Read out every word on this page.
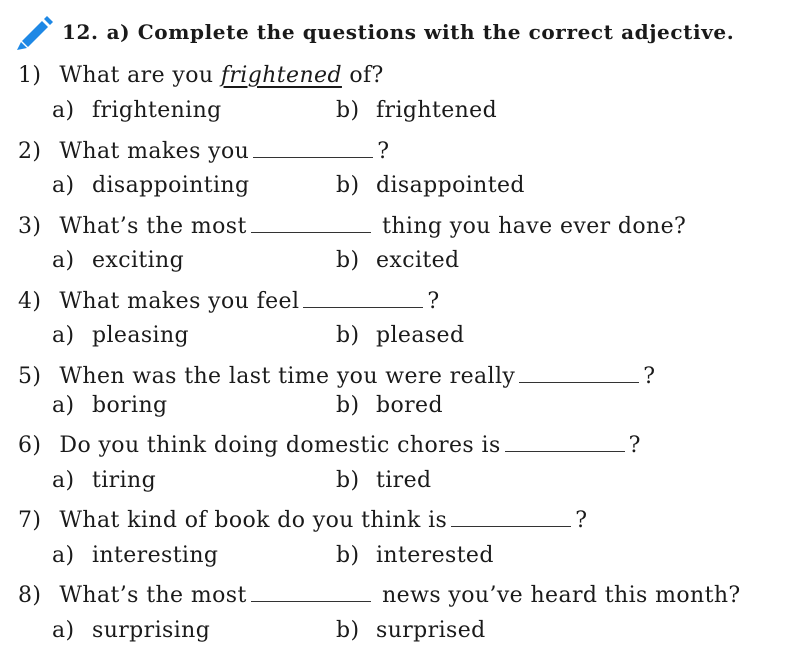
12. a) Complete the questions with the correct adjective.
1) What are you frightened of?
a) frightening	b) frightened
2) What makes you	?
a) disappointing	b) disappointed
3) What’s the most	thing you have ever done?
a) exciting	b) excited
4) What makes you feel	?
a) pleasing	b) pleased
5) When was the last time you were really	?
a) boring	b) bored
6) Do you think doing domestic chores is	?
a) tiring	b) tired
7) What kind of book do you think is	?
a) interesting	b) interested
8) What’s the most	news you’ve heard this month?
a) surprising	b) surprised
